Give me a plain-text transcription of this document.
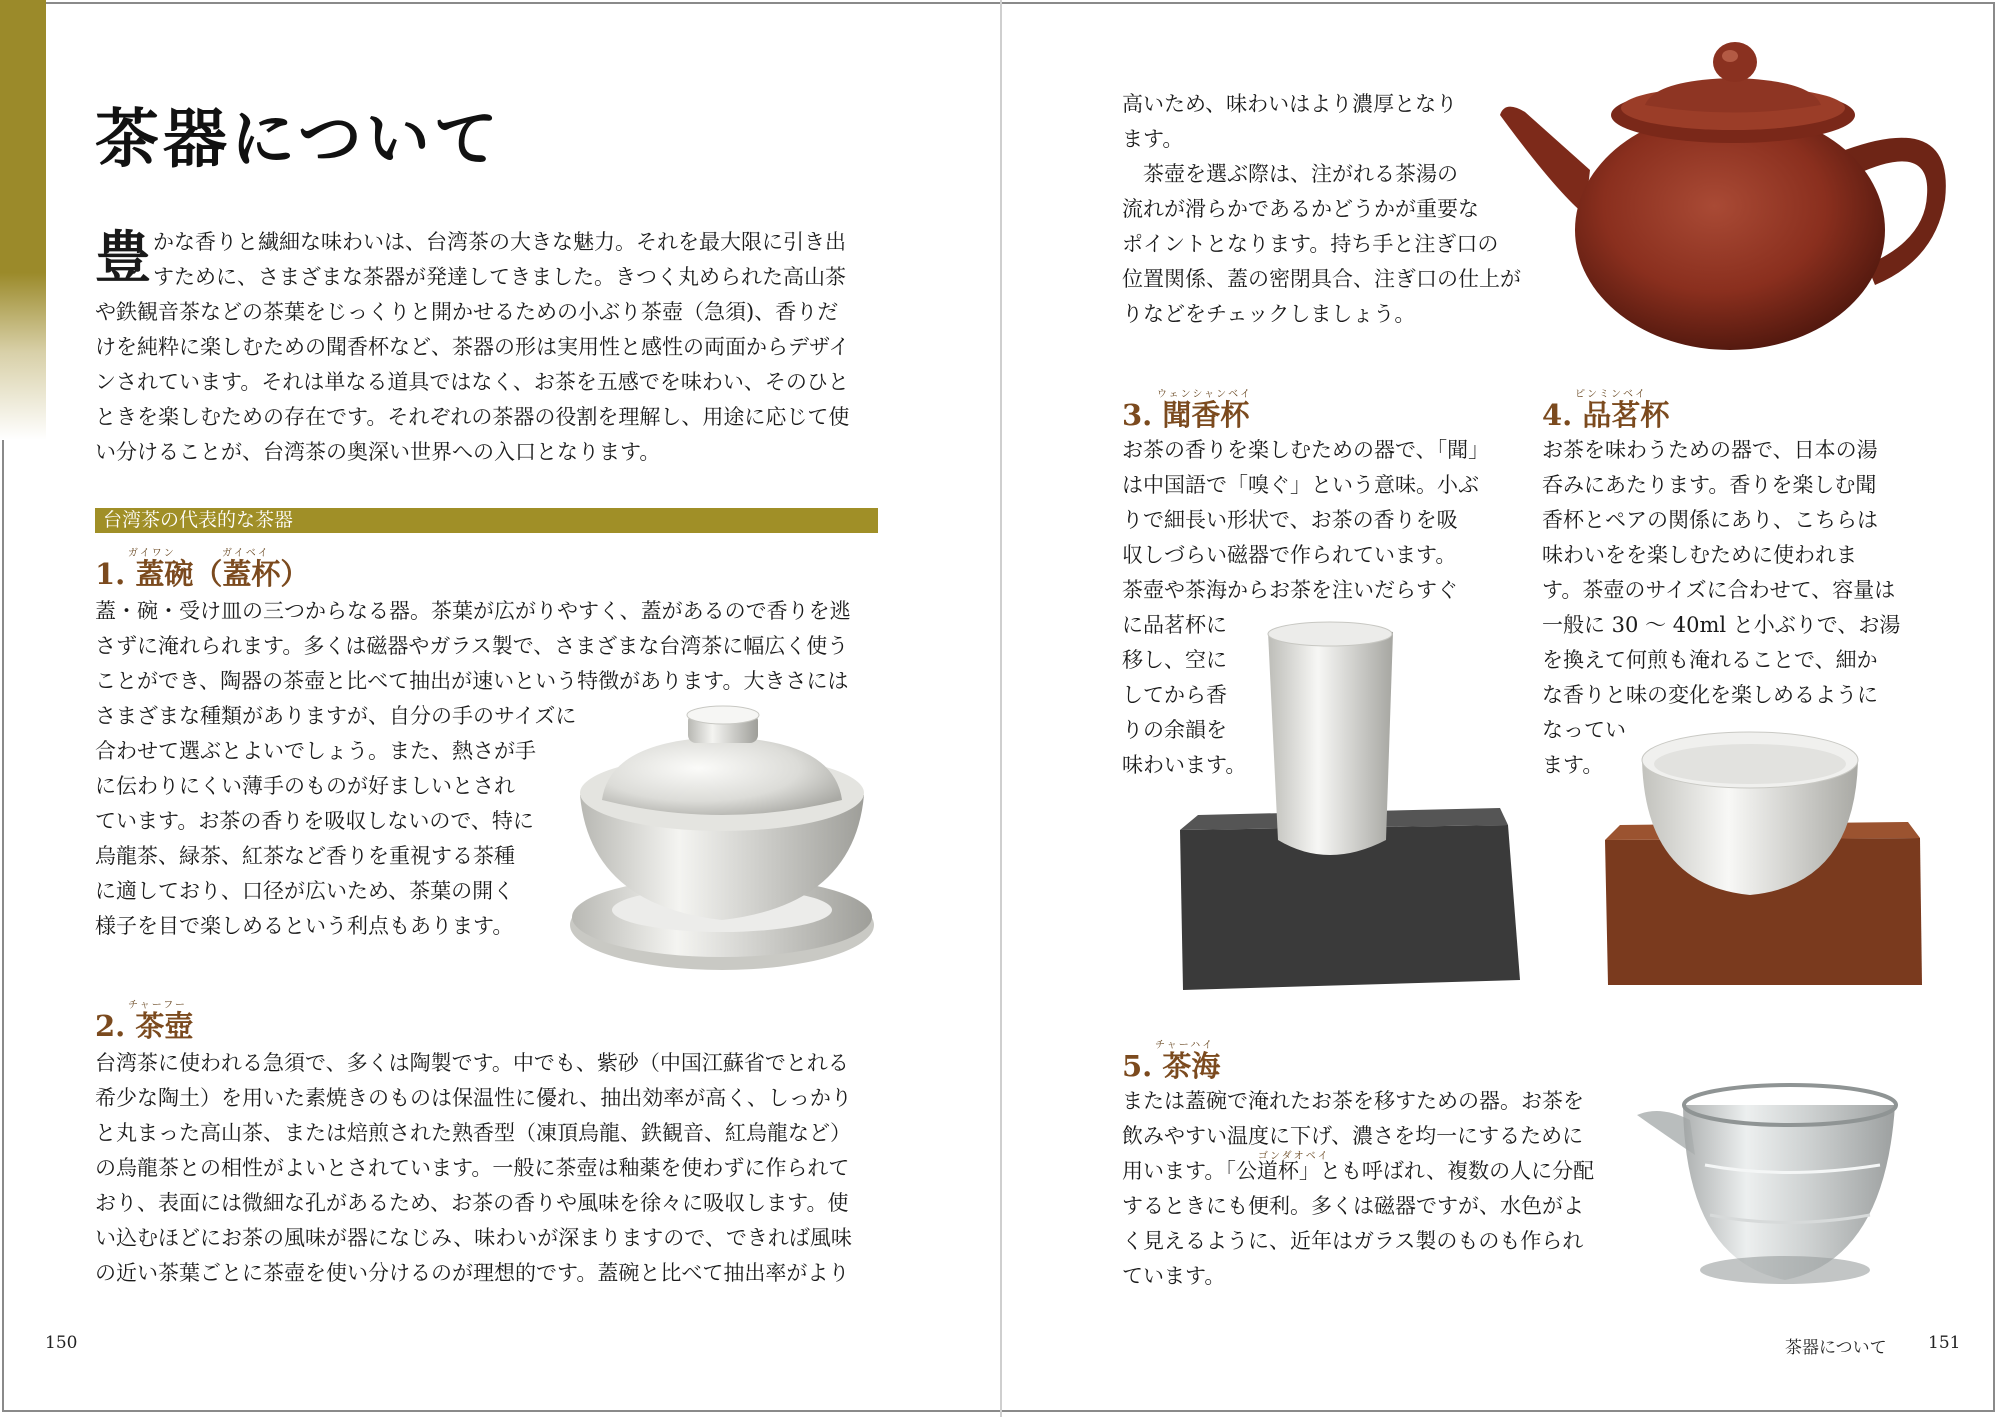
茶器について
豊 かな香りと繊細な味わいは、台湾茶の大きな魅力。それを最大限に引き出
すために、さまざまな茶器が発達してきました。きつく丸められた高山茶
や鉄観音茶などの茶葉をじっくりと開かせるための小ぶり茶壺（急須)、香りだ
けを純粋に楽しむための聞香杯など、茶器の形は実用性と感性の両面からデザイ
ンされています。それは単なる道具ではなく、お茶を五感でを味わい、そのひと
ときを楽しむための存在です。それぞれの茶器の役割を理解し、用途に応じて使
い分けることが、台湾茶の奥深い世界への入口となります。
台湾茶の代表的な茶器
ガイワン	ガイベイ
1. 蓋碗（蓋杯）
蓋・碗・受け皿の三つからなる器。茶葉が広がりやすく、蓋があるので香りを逃
さずに淹れられます。多くは磁器やガラス製で、さまざまな台湾茶に幅広く使う
ことができ、陶器の茶壺と比べて抽出が速いという特徴があります。大きさには
さまざまな種類がありますが、自分の手のサイズに
合わせて選ぶとよいでしょう。また、熱さが手
に伝わりにくい薄手のものが好ましいとされ
ています。お茶の香りを吸収しないので、特に
烏龍茶、緑茶、紅茶など香りを重視する茶種
に適しており、口径が広いため、茶葉の開く
様子を目で楽しめるという利点もあります。
チャーフー
2. 茶壺
台湾茶に使われる急須で、多くは陶製です。中でも、紫砂（中国江蘇省でとれる
希少な陶土）を用いた素焼きのものは保温性に優れ、抽出効率が高く、しっかり
と丸まった高山茶、または焙煎された熟香型（凍頂烏龍、鉄観音、紅烏龍など）
の烏龍茶との相性がよいとされています。一般に茶壺は釉薬を使わずに作られて
おり、表面には微細な孔があるため、お茶の香りや風味を徐々に吸収します。使
い込むほどにお茶の風味が器になじみ、味わいが深まりますので、できれば風味
の近い茶葉ごとに茶壺を使い分けるのが理想的です。蓋碗と比べて抽出率がより
150
高いため、味わいはより濃厚となり
ます。
　茶壺を選ぶ際は、注がれる茶湯の
流れが滑らかであるかどうかが重要な
ポイントとなります。持ち手と注ぎ口の
位置関係、蓋の密閉具合、注ぎ口の仕上が
りなどをチェックしましょう。
ウェンシャンベイ
3. 聞香杯
お茶の香りを楽しむための器で、「聞」
は中国語で「嗅ぐ」という意味。小ぶ
りで細長い形状で、お茶の香りを吸
収しづらい磁器で作られています。
茶壺や茶海からお茶を注いだらすぐ
に品茗杯に
移し、空に
してから香
りの余韻を
味わいます。
ピンミンベイ
4. 品茗杯
お茶を味わうための器で、日本の湯
呑みにあたります。香りを楽しむ聞
香杯とペアの関係にあり、こちらは
味わいをを楽しむために使われま
す。茶壺のサイズに合わせて、容量は
一般に 30 ～ 40ml と小ぶりで、お湯
を換えて何煎も淹れることで、細か
な香りと味の変化を楽しめるように
なってい
ます。
チャーハイ
5. 茶海
ゴンダオベイ
または蓋碗で淹れたお茶を移すための器。お茶を
飲みやすい温度に下げ、濃さを均一にするために
用います。「公道杯」とも呼ばれ、複数の人に分配
するときにも便利。多くは磁器ですが、水色がよ
く見えるように、近年はガラス製のものも作られ
ています。
茶器について 151
